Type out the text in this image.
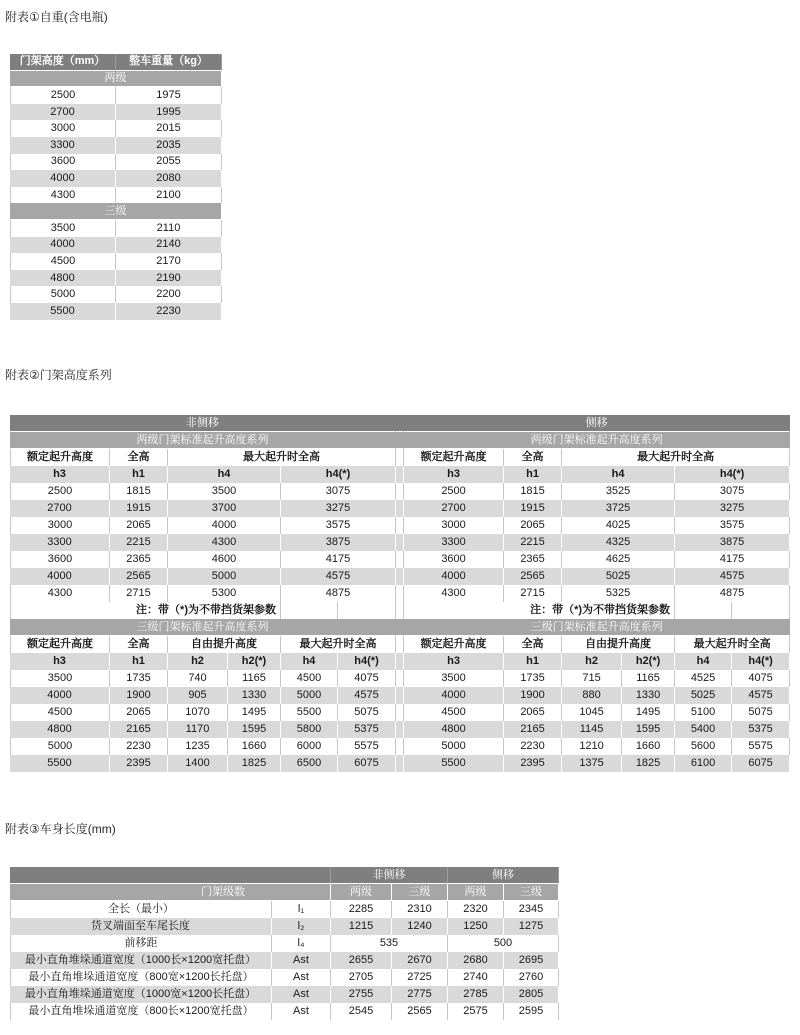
附表①自重(含电瓶)
门架高度（mm）	整车重量（kg）
两级	
2500	1975
2700	1995
3000	2015
3300	2035
3600	2055
4000	2080
4300	2100
三级	
3500	2110
4000	2140
4500	2170
4800	2190
5000	2200
5500	2230
附表②门架高度系列
非侧移							侧移					
两级门架标准起升高度系列							两级门架标准起升高度系列					
额定起升高度	全高	最大起升时全高					额定起升高度	全高	最大起升时全高			
h3	h1	h4		h4(*)			h3	h1	h4		h4(*)	
2500	1815	3500		3075			2500	1815	3525		3075	
2700	1915	3700		3275			2700	1915	3725		3275	
3000	2065	4000		3575			3000	2065	4025		3575	
3300	2215	4300		3875			3300	2215	4325		3875	
3600	2365	4600		4175			3600	2365	4625		4175	
4000	2565	5000		4575			4000	2565	5025		4575	
4300	2715	5300		4875			4300	2715	5325		4875	
注：带（*)为不带挡货架参数							注：带（*)为不带挡货架参数					
三级门架标准起升高度系列							三级门架标准起升高度系列					
额定起升高度	全高	自由提升高度		最大起升时全高			额定起升高度	全高	自由提升高度		最大起升时全高	
h3	h1	h2	h2(*)	h4	h4(*)		h3	h1	h2	h2(*)	h4	h4(*)
3500	1735	740	1165	4500	4075		3500	1735	715	1165	4525	4075
4000	1900	905	1330	5000	4575		4000	1900	880	1330	5025	4575
4500	2065	1070	1495	5500	5075		4500	2065	1045	1495	5100	5075
4800	2165	1170	1595	5800	5375		4800	2165	1145	1595	5400	5375
5000	2230	1235	1660	6000	5575		5000	2230	1210	1660	5600	5575
5500	2395	1400	1825	6500	6075		5500	2395	1375	1825	6100	6075
附表③车身长度(mm)
		非侧移		侧移	
门架级数		两级	三级	两级	三级
全长（最小）	l₁	2285	2310	2320	2345
货叉端面至车尾长度	l₂	1215	1240	1250	1275
前移距	l₄	535		500	
最小直角堆垛通道宽度（1000长×1200宽托盘）	Ast	2655	2670	2680	2695
最小直角堆垛通道宽度（800宽×1200长托盘）	Ast	2705	2725	2740	2760
最小直角堆垛通道宽度（1000宽×1200长托盘）	Ast	2755	2775	2785	2805
最小直角堆垛通道宽度（800长×1200宽托盘）	Ast	2545	2565	2575	2595
